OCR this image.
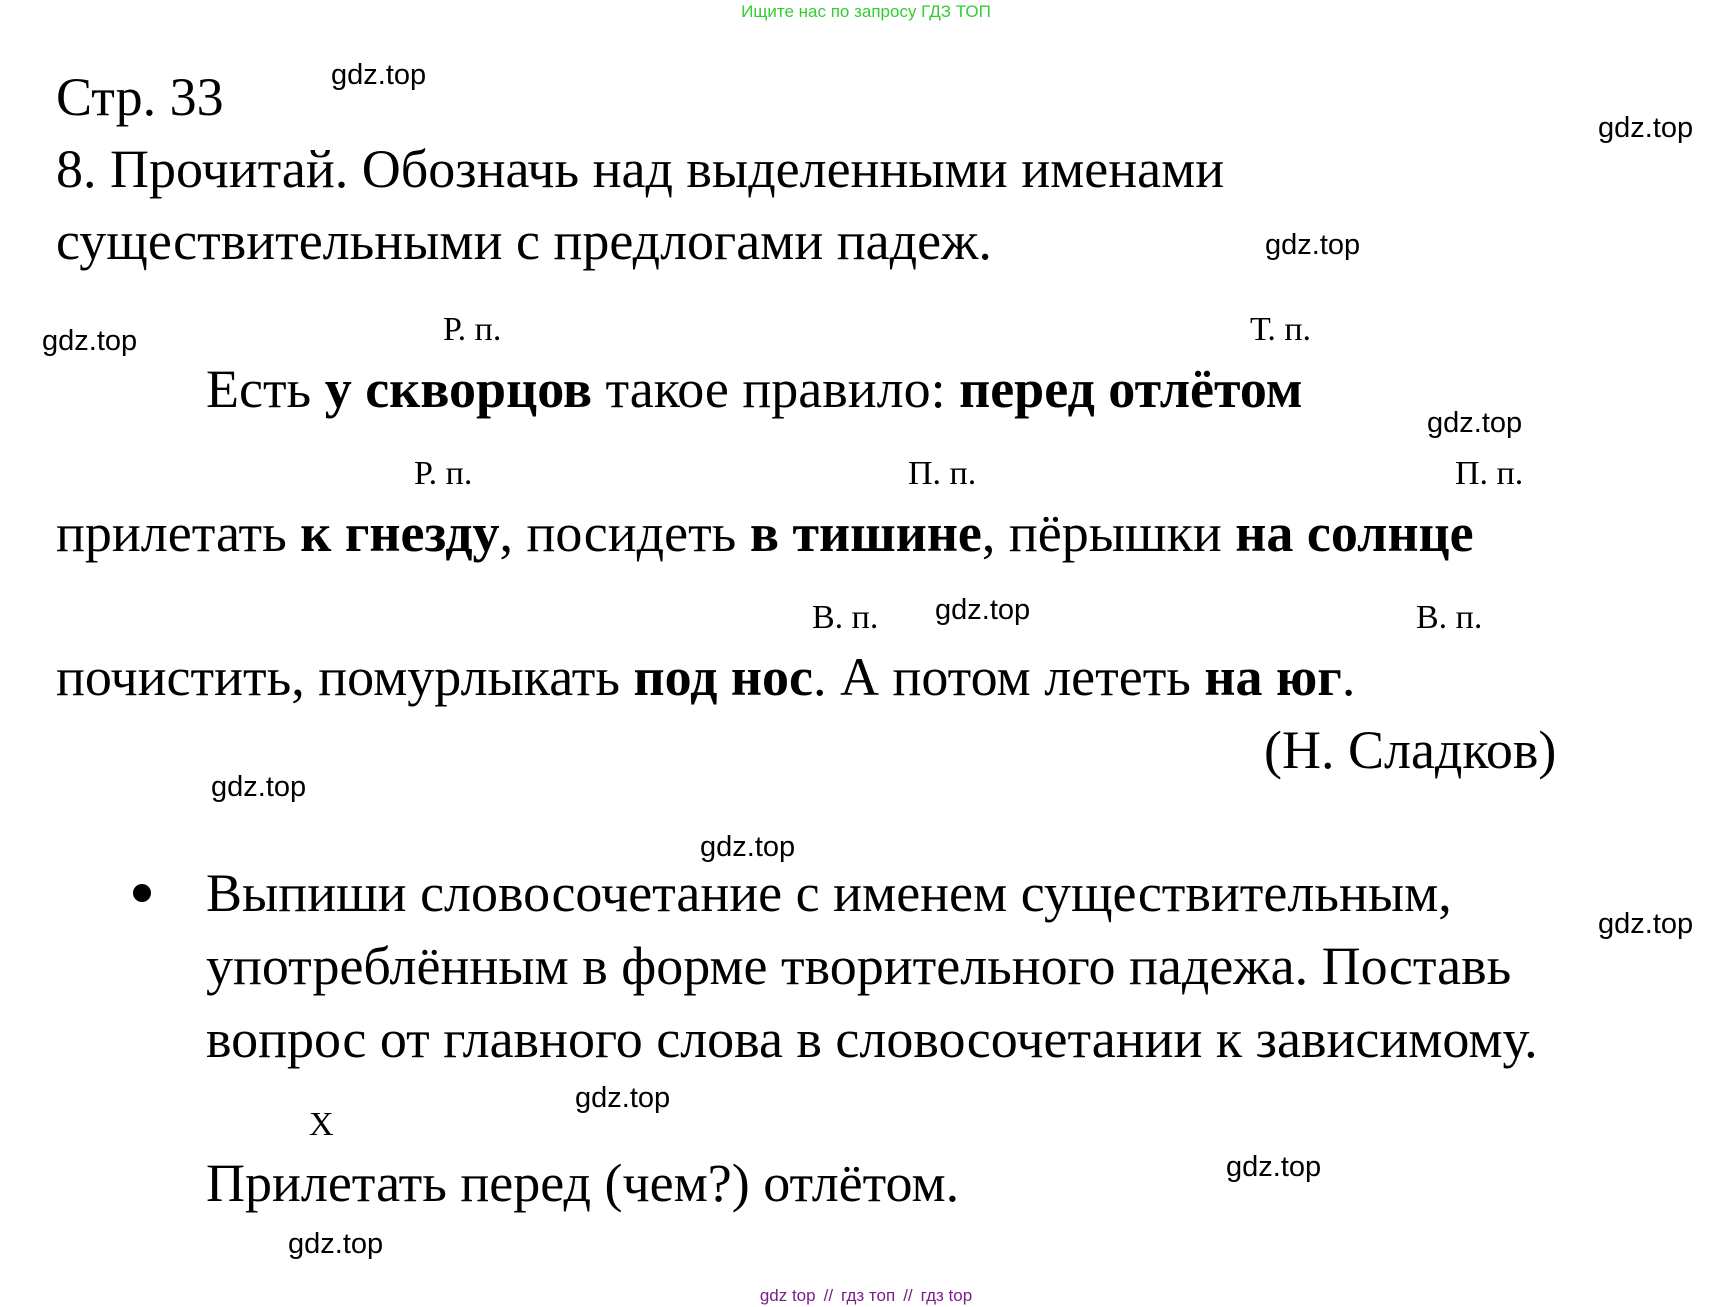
Ищите нас по запросу ГДЗ ТОП
Стр. 33
8. Прочитай. Обозначь над выделенными именами
существительными с предлогами падеж.
Р. п.	Т. п.
Есть у скворцов такое правило: перед отлётом
Р. п.	П. п.	П. п.
прилетать к гнезду, посидеть в тишине, пёрышки на солнце
В. п.	В. п.
почистить, помурлыкать под нос. А потом лететь на юг.
(Н. Сладков)
Выпиши словосочетание с именем существительным,
употреблённым в форме творительного падежа. Поставь
вопрос от главного слова в словосочетании к зависимому.
Х
Прилетать перед (чем?) отлётом.
gdz.top
gdz.top
gdz.top
gdz.top
gdz.top
gdz.top
gdz.top
gdz.top
gdz.top
gdz.top
gdz.top
gdz.top
gdz top // гдз топ // гдз top
